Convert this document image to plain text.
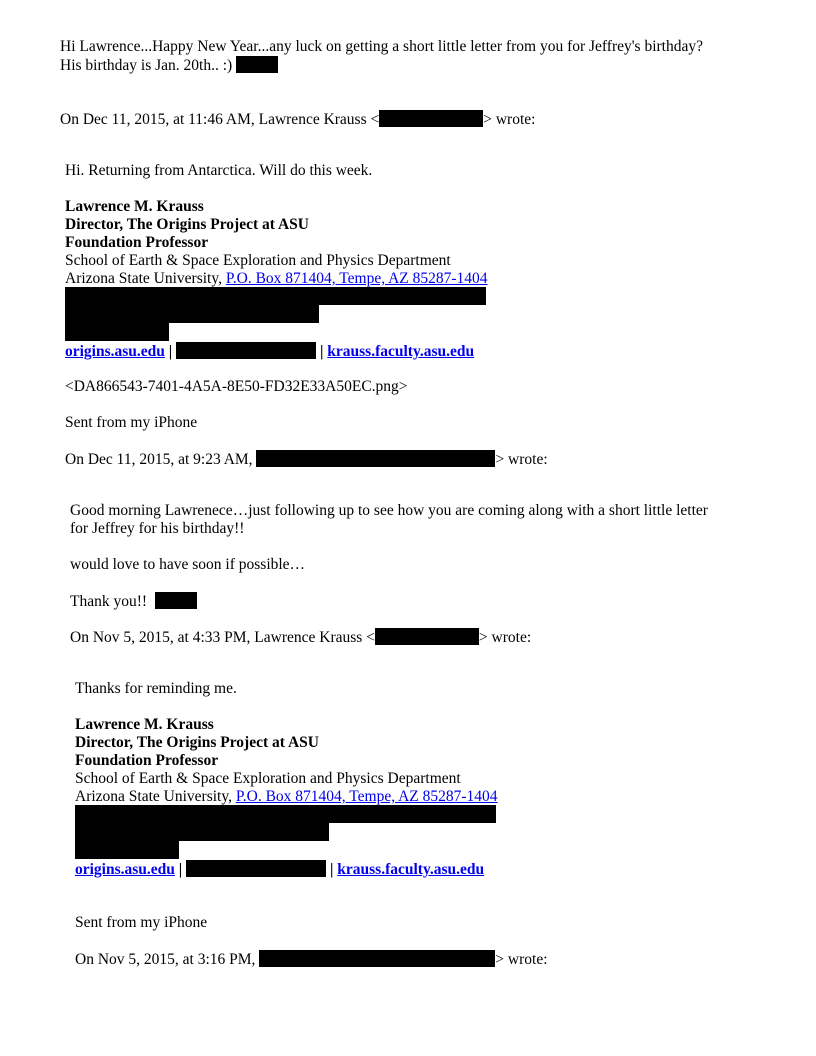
Hi Lawrence...Happy New Year...any luck on getting a short little letter from you for Jeffrey's birthday?
His birthday is Jan. 20th.. :)
On Dec 11, 2015, at 11:46 AM, Lawrence Krauss <	> wrote:
Hi. Returning from Antarctica. Will do this week.
Lawrence M. Krauss
Director, The Origins Project at ASU
Foundation Professor
School of Earth & Space Exploration and Physics Department
Arizona State University, P.O. Box 871404, Tempe, AZ 85287-1404
origins.asu.edu |	| krauss.faculty.asu.edu
<DA866543-7401-4A5A-8E50-FD32E33A50EC.png>
Sent from my iPhone
On Dec 11, 2015, at 9:23 AM,	> wrote:
Good morning Lawrenece…just following up to see how you are coming along with a short little letter
for Jeffrey for his birthday!!
would love to have soon if possible…
Thank you!!
On Nov 5, 2015, at 4:33 PM, Lawrence Krauss <	> wrote:
Thanks for reminding me.
Lawrence M. Krauss
Director, The Origins Project at ASU
Foundation Professor
School of Earth & Space Exploration and Physics Department
Arizona State University, P.O. Box 871404, Tempe, AZ 85287-1404
origins.asu.edu |	| krauss.faculty.asu.edu
Sent from my iPhone
On Nov 5, 2015, at 3:16 PM,	> wrote:
